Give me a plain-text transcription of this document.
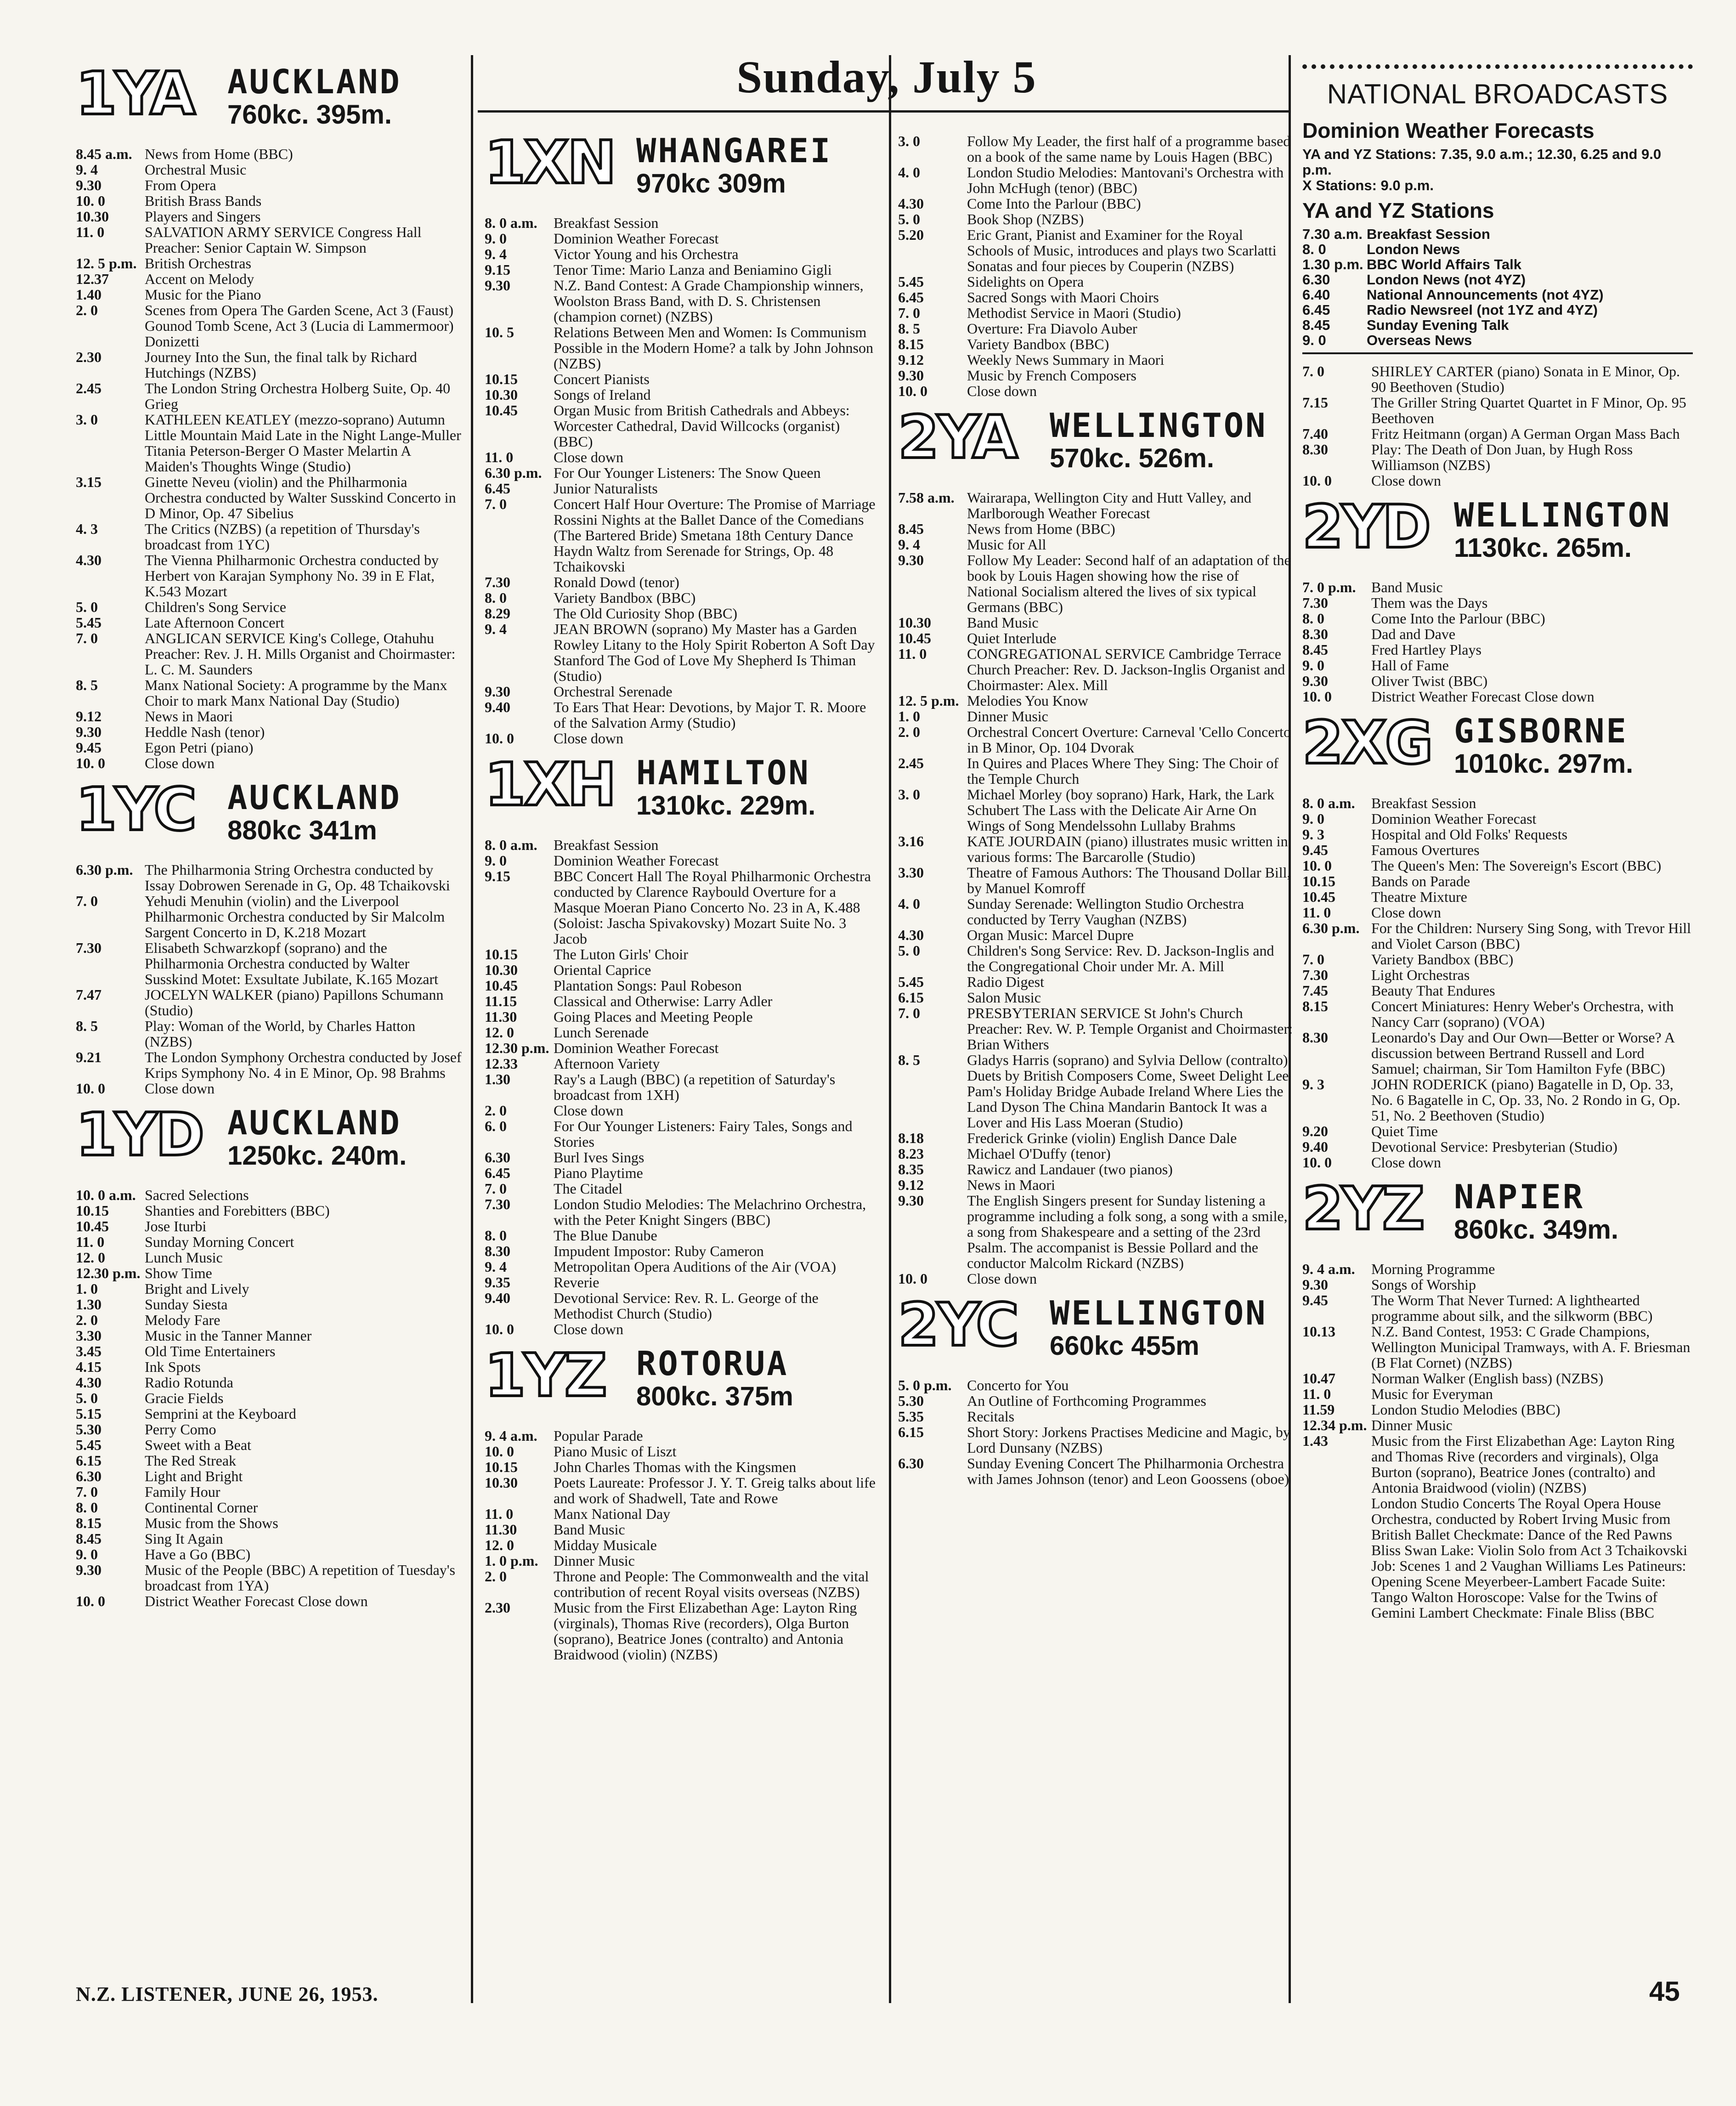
Sunday, July 5
1YA AUCKLAND
760kc. 395m.
8.45 a.m. News from Home (BBC)
9. 4	Orchestral Music
9.30	From Opera
10. 0	British Brass Bands
10.30	Players and Singers
11. 0	SALVATION ARMY SERVICE Congress Hall Preacher: Senior Captain W. Simpson
12. 5 p.m. British Orchestras
12.37	Accent on Melody
1.40	Music for the Piano
2. 0	Scenes from Opera The Garden Scene, Act 3 (Faust) Gounod Tomb Scene, Act 3 (Lucia di Lammermoor) Donizetti
2.30	Journey Into the Sun, the final talk by Richard Hutchings (NZBS)
2.45	The London String Orchestra Holberg Suite, Op. 40 Grieg
3. 0	KATHLEEN KEATLEY (mezzo-soprano) Autumn Little Mountain Maid Late in the Night Lange-Muller Titania Peterson-Berger O Master Melartin A Maiden's Thoughts Winge (Studio)
3.15	Ginette Neveu (violin) and the Philharmonia Orchestra conducted by Walter Susskind Concerto in D Minor, Op. 47 Sibelius
4. 3	The Critics (NZBS) (a repetition of Thursday's broadcast from 1YC)
4.30	The Vienna Philharmonic Orchestra conducted by Herbert von Karajan Symphony No. 39 in E Flat, K.543 Mozart
5. 0	Children's Song Service
5.45	Late Afternoon Concert
7. 0	ANGLICAN SERVICE King's College, Otahuhu Preacher: Rev. J. H. Mills Organist and Choirmaster: L. C. M. Saunders
8. 5	Manx National Society: A programme by the Manx Choir to mark Manx National Day (Studio)
9.12	News in Maori
9.30	Heddle Nash (tenor)
9.45	Egon Petri (piano)
10. 0	Close down
1YC AUCKLAND
880kc 341m
6.30 p.m. The Philharmonia String Orchestra conducted by Issay Dobrowen Serenade in G, Op. 48 Tchaikovski
7. 0	Yehudi Menuhin (violin) and the Liverpool Philharmonic Orchestra conducted by Sir Malcolm Sargent Concerto in D, K.218 Mozart
7.30	Elisabeth Schwarzkopf (soprano) and the Philharmonia Orchestra conducted by Walter Susskind Motet: Exsultate Jubilate, K.165 Mozart
7.47	JOCELYN WALKER (piano) Papillons Schumann (Studio)
8. 5	Play: Woman of the World, by Charles Hatton (NZBS)
9.21	The London Symphony Orchestra conducted by Josef Krips Symphony No. 4 in E Minor, Op. 98 Brahms
10. 0	Close down
1YD AUCKLAND
1250kc. 240m.
10. 0 a.m. Sacred Selections
10.15	Shanties and Forebitters (BBC)
10.45	Jose Iturbi
11. 0	Sunday Morning Concert
12. 0	Lunch Music
12.30 p.m. Show Time
1. 0	Bright and Lively
1.30	Sunday Siesta
2. 0	Melody Fare
3.30	Music in the Tanner Manner
3.45	Old Time Entertainers
4.15	Ink Spots
4.30	Radio Rotunda
5. 0	Gracie Fields
5.15	Semprini at the Keyboard
5.30	Perry Como
5.45	Sweet with a Beat
6.15	The Red Streak
6.30	Light and Bright
7. 0	Family Hour
8. 0	Continental Corner
8.15	Music from the Shows
8.45	Sing It Again
9. 0	Have a Go (BBC)
9.30	Music of the People (BBC) A repetition of Tuesday's broadcast from 1YA)
10. 0	District Weather Forecast Close down
1XN WHANGAREI
970kc 309m
8. 0 a.m.	Breakfast Session
9. 0	Dominion Weather Forecast
9. 4	Victor Young and his Orchestra
9.15	Tenor Time: Mario Lanza and Beniamino Gigli
9.30	N.Z. Band Contest: A Grade Championship winners, Woolston Brass Band, with D. S. Christensen (champion cornet) (NZBS)
10. 5	Relations Between Men and Women: Is Communism Possible in the Modern Home? a talk by John Johnson (NZBS)
10.15	Concert Pianists
10.30	Songs of Ireland
10.45	Organ Music from British Cathedrals and Abbeys: Worcester Cathedral, David Willcocks (organist) (BBC)
11. 0	Close down
6.30 p.m. For Our Younger Listeners: The Snow Queen
6.45	Junior Naturalists
7. 0	Concert Half Hour Overture: The Promise of Marriage Rossini Nights at the Ballet Dance of the Comedians (The Bartered Bride) Smetana 18th Century Dance Haydn Waltz from Serenade for Strings, Op. 48 Tchaikovski
7.30	Ronald Dowd (tenor)
8. 0	Variety Bandbox (BBC)
8.29	The Old Curiosity Shop (BBC)
9. 4	JEAN BROWN (soprano) My Master has a Garden Rowley Litany to the Holy Spirit Roberton A Soft Day Stanford The God of Love My Shepherd Is Thiman (Studio)
9.30	Orchestral Serenade
9.40	To Ears That Hear: Devotions, by Major T. R. Moore of the Salvation Army (Studio)
10. 0	Close down
1XH HAMILTON
1310kc. 229m.
8. 0 a.m.	Breakfast Session
9. 0	Dominion Weather Forecast
9.15	BBC Concert Hall The Royal Philharmonic Orchestra conducted by Clarence Raybould Overture for a Masque Moeran Piano Concerto No. 23 in A, K.488 (Soloist: Jascha Spivakovsky) Mozart Suite No. 3 Jacob
10.15	The Luton Girls' Choir
10.30	Oriental Caprice
10.45	Plantation Songs: Paul Robeson
11.15	Classical and Otherwise: Larry Adler
11.30	Going Places and Meeting People
12. 0	Lunch Serenade
12.30 p.m. Dominion Weather Forecast
12.33	Afternoon Variety
1.30	Ray's a Laugh (BBC) (a repetition of Saturday's broadcast from 1XH)
2. 0	Close down
6. 0	For Our Younger Listeners: Fairy Tales, Songs and Stories
6.30	Burl Ives Sings
6.45	Piano Playtime
7. 0	The Citadel
7.30	London Studio Melodies: The Melachrino Orchestra, with the Peter Knight Singers (BBC)
8. 0	The Blue Danube
8.30	Impudent Impostor: Ruby Cameron
9. 4	Metropolitan Opera Auditions of the Air (VOA)
9.35	Reverie
9.40	Devotional Service: Rev. R. L. George of the Methodist Church (Studio)
10. 0	Close down
1YZ ROTORUA
800kc. 375m
9. 4 a.m.	Popular Parade
10. 0	Piano Music of Liszt
10.15	John Charles Thomas with the Kingsmen
10.30	Poets Laureate: Professor J. Y. T. Greig talks about life and work of Shadwell, Tate and Rowe
11. 0	Manx National Day
11.30	Band Music
12. 0	Midday Musicale
1. 0 p.m.	Dinner Music
2. 0	Throne and People: The Commonwealth and the vital contribution of recent Royal visits overseas (NZBS)
2.30	Music from the First Elizabethan Age: Layton Ring (virginals), Thomas Rive (recorders), Olga Burton (soprano), Beatrice Jones (contralto) and Antonia Braidwood (violin) (NZBS)
3. 0	Follow My Leader, the first half of a programme based on a book of the same name by Louis Hagen (BBC)
4. 0	London Studio Melodies: Mantovani's Orchestra with John McHugh (tenor) (BBC)
4.30	Come Into the Parlour (BBC)
5. 0	Book Shop (NZBS)
5.20	Eric Grant, Pianist and Examiner for the Royal Schools of Music, introduces and plays two Scarlatti Sonatas and four pieces by Couperin (NZBS)
5.45	Sidelights on Opera
6.45	Sacred Songs with Maori Choirs
7. 0	Methodist Service in Maori (Studio)
8. 5	Overture: Fra Diavolo Auber
8.15	Variety Bandbox (BBC)
9.12	Weekly News Summary in Maori
9.30	Music by French Composers
10. 0	Close down
2YA WELLINGTON
570kc. 526m.
7.58 a.m. Wairarapa, Wellington City and Hutt Valley, and Marlborough Weather Forecast
8.45	News from Home (BBC)
9. 4	Music for All
9.30	Follow My Leader: Second half of an adaptation of the book by Louis Hagen showing how the rise of National Socialism altered the lives of six typical Germans (BBC)
10.30	Band Music
10.45	Quiet Interlude
11. 0	CONGREGATIONAL SERVICE Cambridge Terrace Church Preacher: Rev. D. Jackson-Inglis Organist and Choirmaster: Alex. Mill
12. 5 p.m. Melodies You Know
1. 0	Dinner Music
2. 0	Orchestral Concert Overture: Carneval 'Cello Concerto in B Minor, Op. 104 Dvorak
2.45	In Quires and Places Where They Sing: The Choir of the Temple Church
3. 0	Michael Morley (boy soprano) Hark, Hark, the Lark Schubert The Lass with the Delicate Air Arne On Wings of Song Mendelssohn Lullaby Brahms
3.16	KATE JOURDAIN (piano) illustrates music written in various forms: The Barcarolle (Studio)
3.30	Theatre of Famous Authors: The Thousand Dollar Bill, by Manuel Komroff
4. 0	Sunday Serenade: Wellington Studio Orchestra conducted by Terry Vaughan (NZBS)
4.30	Organ Music: Marcel Dupre
5. 0	Children's Song Service: Rev. D. Jackson-Inglis and the Congregational Choir under Mr. A. Mill
5.45	Radio Digest
6.15	Salon Music
7. 0	PRESBYTERIAN SERVICE St John's Church Preacher: Rev. W. P. Temple Organist and Choirmaster: Brian Withers
8. 5	Gladys Harris (soprano) and Sylvia Dellow (contralto) Duets by British Composers Come, Sweet Delight Lee Pam's Holiday Bridge Aubade Ireland Where Lies the Land Dyson The China Mandarin Bantock It was a Lover and His Lass Moeran (Studio)
8.18	Frederick Grinke (violin) English Dance Dale
8.23	Michael O'Duffy (tenor)
8.35	Rawicz and Landauer (two pianos)
9.12	News in Maori
9.30	The English Singers present for Sunday listening a programme including a folk song, a song with a smile, a song from Shakespeare and a setting of the 23rd Psalm. The accompanist is Bessie Pollard and the conductor Malcolm Rickard (NZBS)
10. 0	Close down
2YC WELLINGTON
660kc 455m
5. 0 p.m.	Concerto for You
5.30	An Outline of Forthcoming Programmes
5.35	Recitals
6.15	Short Story: Jorkens Practises Medicine and Magic, by Lord Dunsany (NZBS)
6.30	Sunday Evening Concert The Philharmonia Orchestra with James Johnson (tenor) and Leon Goossens (oboe)
NATIONAL BROADCASTS
Dominion Weather Forecasts
YA and YZ Stations: 7.35, 9.0 a.m.; 12.30, 6.25 and 9.0 p.m.
X Stations: 9.0 p.m.
YA and YZ Stations
7.30 a.m. Breakfast Session
8. 0	London News
1.30 p.m. BBC World Affairs Talk
6.30	London News (not 4YZ)
6.40	National Announcements (not 4YZ)
6.45	Radio Newsreel (not 1YZ and 4YZ)
8.45	Sunday Evening Talk
9. 0	Overseas News
7. 0	SHIRLEY CARTER (piano) Sonata in E Minor, Op. 90 Beethoven (Studio)
7.15	The Griller String Quartet Quartet in F Minor, Op. 95 Beethoven
7.40	Fritz Heitmann (organ) A German Organ Mass Bach
8.30	Play: The Death of Don Juan, by Hugh Ross Williamson (NZBS)
10. 0	Close down
2YD WELLINGTON
1130kc. 265m.
7. 0 p.m.	Band Music
7.30	Them was the Days
8. 0	Come Into the Parlour (BBC)
8.30	Dad and Dave
8.45	Fred Hartley Plays
9. 0	Hall of Fame
9.30	Oliver Twist (BBC)
10. 0	District Weather Forecast Close down
2XG GISBORNE
1010kc. 297m.
8. 0 a.m.	Breakfast Session
9. 0	Dominion Weather Forecast
9. 3	Hospital and Old Folks' Requests
9.45	Famous Overtures
10. 0	The Queen's Men: The Sovereign's Escort (BBC)
10.15	Bands on Parade
10.45	Theatre Mixture
11. 0	Close down
6.30 p.m. For the Children: Nursery Sing Song, with Trevor Hill and Violet Carson (BBC)
7. 0	Variety Bandbox (BBC)
7.30	Light Orchestras
7.45	Beauty That Endures
8.15	Concert Miniatures: Henry Weber's Orchestra, with Nancy Carr (soprano) (VOA)
8.30	Leonardo's Day and Our Own—Better or Worse? A discussion between Bertrand Russell and Lord Samuel; chairman, Sir Tom Hamilton Fyfe (BBC)
9. 3	JOHN RODERICK (piano) Bagatelle in D, Op. 33, No. 6 Bagatelle in C, Op. 33, No. 2 Rondo in G, Op. 51, No. 2 Beethoven (Studio)
9.20	Quiet Time
9.40	Devotional Service: Presbyterian (Studio)
10. 0	Close down
2YZ NAPIER
860kc. 349m.
9. 4 a.m.	Morning Programme
9.30	Songs of Worship
9.45	The Worm That Never Turned: A lighthearted programme about silk, and the silkworm (BBC)
10.13	N.Z. Band Contest, 1953: C Grade Champions, Wellington Municipal Tramways, with A. F. Briesman (B Flat Cornet) (NZBS)
10.47	Norman Walker (English bass) (NZBS)
11. 0	Music for Everyman
11.59	London Studio Melodies (BBC)
12.34 p.m. Dinner Music
1.43	Music from the First Elizabethan Age: Layton Ring and Thomas Rive (recorders and virginals), Olga Burton (soprano), Beatrice Jones (contralto) and Antonia Braidwood (violin) (NZBS)
London Studio Concerts The Royal Opera House Orchestra, conducted by Robert Irving Music from British Ballet Checkmate: Dance of the Red Pawns Bliss Swan Lake: Violin Solo from Act 3 Tchaikovski Job: Scenes 1 and 2 Vaughan Williams Les Patineurs: Opening Scene Meyerbeer-Lambert Facade Suite: Tango Walton Horoscope: Valse for the Twins of Gemini Lambert Checkmate: Finale Bliss (BBC
N.Z. LISTENER, JUNE 26, 1953.	45
